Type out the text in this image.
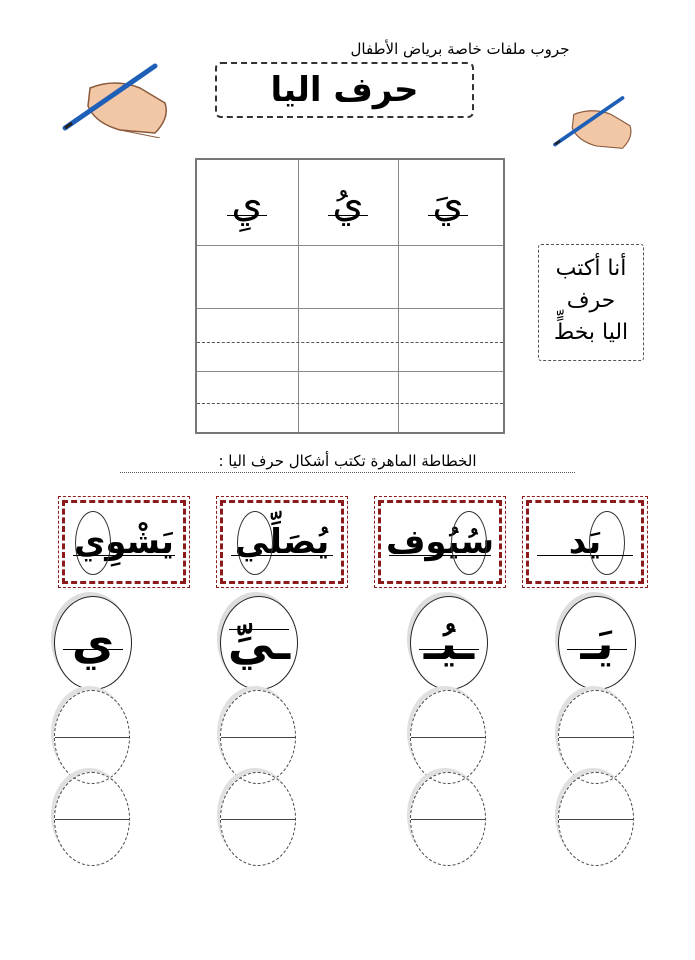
جروب ملفات خاصة برياض الأطفال
حرف اليا
يَ
يُ
يِ
أنا أكتب
حرف
اليا بخطٍّ
الخطاطة الماهرة تكتب أشكال حرف اليا :
يَد
سُيُوف
يُصَلِّي
يَشْوِي
يَـ
ـيُـ
ـيِّ
ي
